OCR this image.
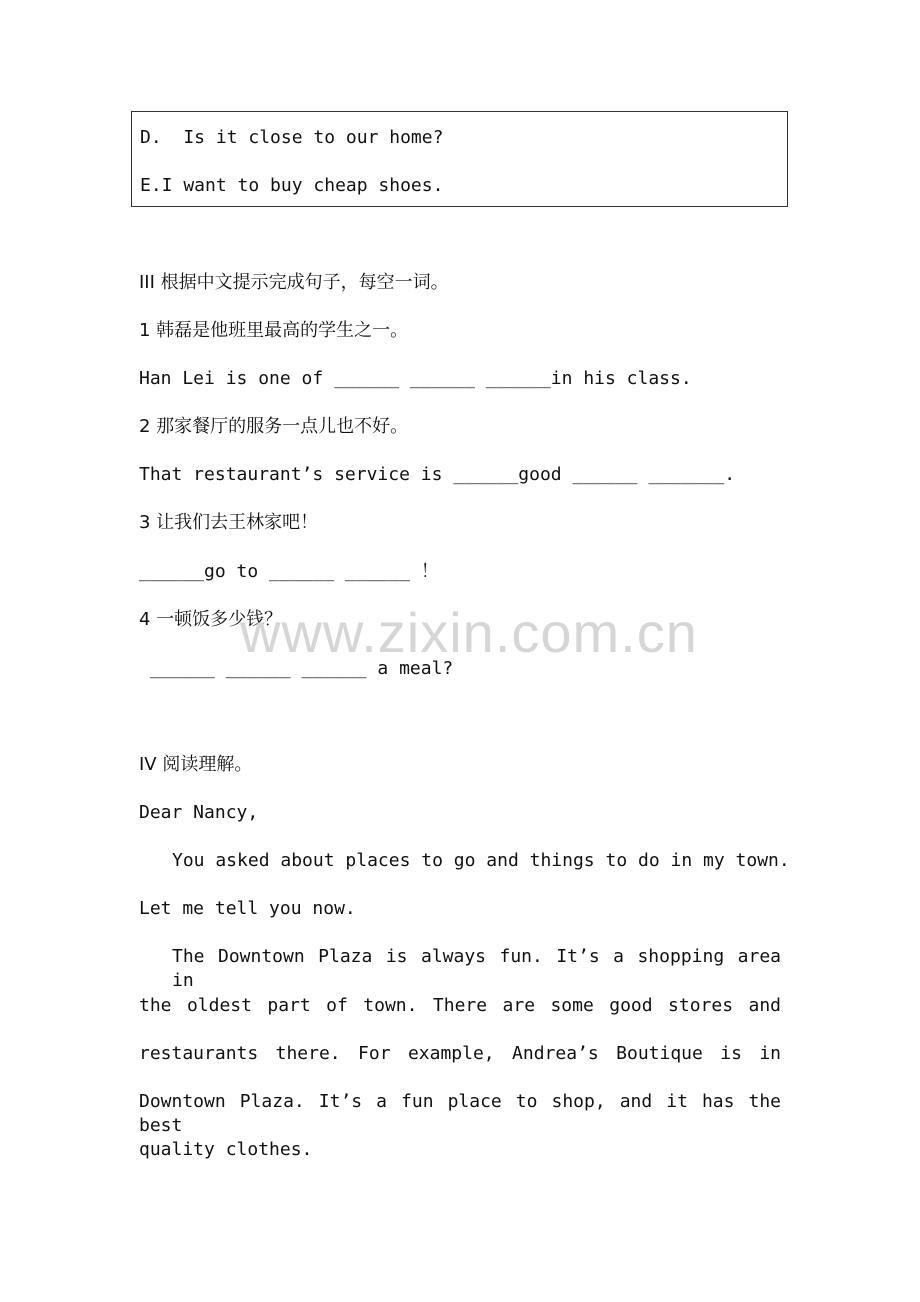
D.  Is it close to our home?
E.I want to buy cheap shoes.
III 根据中文提示完成句子，每空一词。
1 韩磊是他班里最高的学生之一。
Han Lei is one of ______ ______ ______in his class.
2 那家餐厅的服务一点儿也不好。
That restaurant’s service is ______good ______ _______.
3 让我们去王林家吧！
______go to ______ ______ ！
4 一顿饭多少钱？
______ ______ ______ a meal?
IV 阅读理解。
Dear Nancy,
You asked about places to go and things to do in my town.
Let me tell you now.
The Downtown Plaza is always fun. It’s a shopping area in
the oldest part of town. There are some good stores and
restaurants there. For example, Andrea’s Boutique is in
Downtown Plaza. It’s a fun place to shop, and it has the best
quality clothes.
www.zixin.com.cn
